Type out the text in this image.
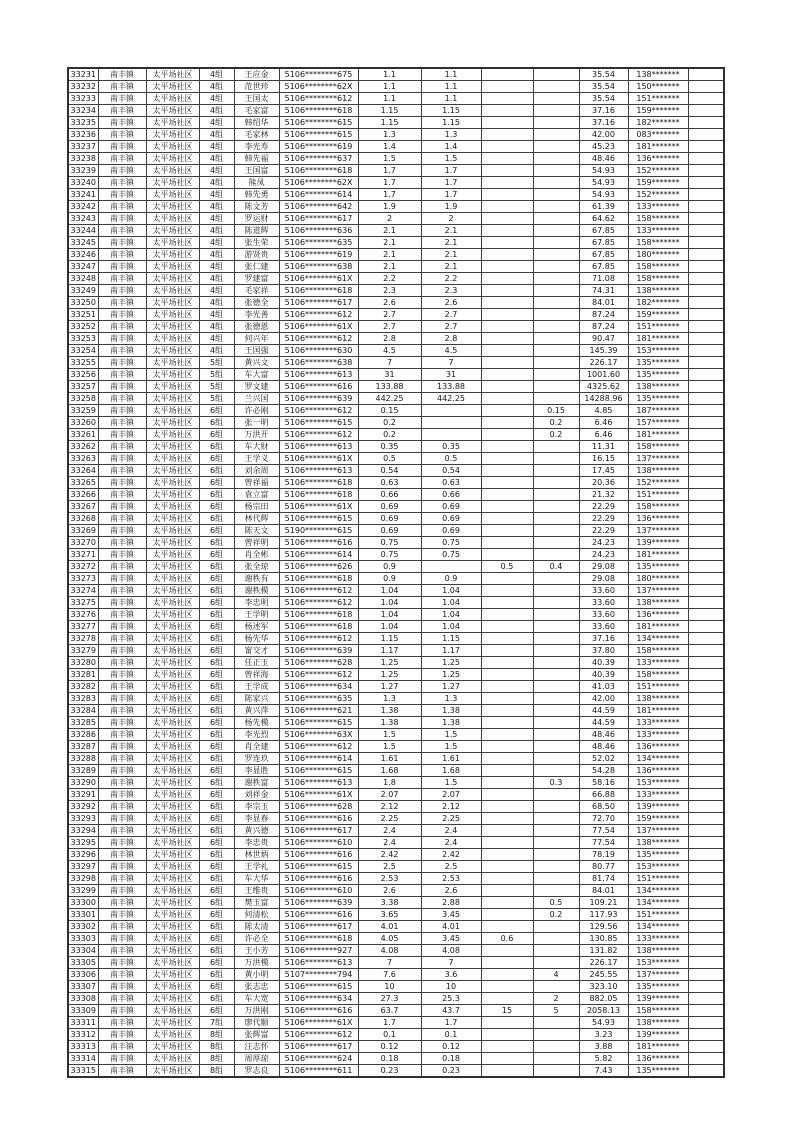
33231	南丰镇	太平场社区	4组	王应金	5106********675	1.1	1.1			35.54	138*******	
33232	南丰镇	太平场社区	4组	范世珍	5106********62X	1.1	1.1			35.54	150*******	
33233	南丰镇	太平场社区	4组	王国太	5106********612	1.1	1.1			35.54	151*******	
33234	南丰镇	太平场社区	4组	毛家富	5106********618	1.15	1.15			37.16	159*******	
33235	南丰镇	太平场社区	4组	韩绍华	5106********615	1.15	1.15			37.16	182*******	
33236	南丰镇	太平场社区	4组	毛家林	5106********615	1.3	1.3			42.00	083*******	
33237	南丰镇	太平场社区	4组	李光寿	5106********619	1.4	1.4			45.23	181*******	
33238	南丰镇	太平场社区	4组	韩先福	5106********637	1.5	1.5			48.46	136*******	
33239	南丰镇	太平场社区	4组	王国富	5106********618	1.7	1.7			54.93	152*******	
33240	南丰镇	太平场社区	4组	熊凤	5106********62X	1.7	1.7			54.93	159*******	
33241	南丰镇	太平场社区	4组	韩先勇	5106********614	1.7	1.7			54.93	152*******	
33242	南丰镇	太平场社区	4组	陈文芳	5106********642	1.9	1.9			61.39	133*******	
33243	南丰镇	太平场社区	4组	罗运财	5106********617	2	2			64.62	158*******	
33244	南丰镇	太平场社区	4组	陈道辉	5106********636	2.1	2.1			67.85	133*******	
33245	南丰镇	太平场社区	4组	张生荣	5106********635	2.1	2.1			67.85	158*******	
33246	南丰镇	太平场社区	4组	游贤贵	5106********619	2.1	2.1			67.85	180*******	
33247	南丰镇	太平场社区	4组	张仁建	5106********638	2.1	2.1			67.85	158*******	
33248	南丰镇	太平场社区	4组	罗建富	5106********61X	2.2	2.2			71.08	158*******	
33249	南丰镇	太平场社区	4组	毛家祥	5106********618	2.3	2.3			74.31	138*******	
33250	南丰镇	太平场社区	4组	张德全	5106********617	2.6	2.6			84.01	182*******	
33251	南丰镇	太平场社区	4组	李光善	5106********612	2.7	2.7			87.24	159*******	
33252	南丰镇	太平场社区	4组	张德恩	5106********61X	2.7	2.7			87.24	151*******	
33253	南丰镇	太平场社区	4组	何兴年	5106********612	2.8	2.8			90.47	181*******	
33254	南丰镇	太平场社区	4组	王国强	5106********630	4.5	4.5			145.39	153*******	
33255	南丰镇	太平场社区	5组	黄兴文	5106********638	7	7			226.17	135*******	
33256	南丰镇	太平场社区	5组	车大富	5106********613	31	31			1001.60	135*******	
33257	南丰镇	太平场社区	5组	罗文建	5106********616	133.88	133.88			4325.62	138*******	
33258	南丰镇	太平场社区	5组	兰兴国	5106********639	442.25	442.25			14288.96	135*******	
33259	南丰镇	太平场社区	6组	许必刚	5106********612	0.15			0.15	4.85	187*******	
33260	南丰镇	太平场社区	6组	张一明	5106********615	0.2			0.2	6.46	157*******	
33261	南丰镇	太平场社区	6组	万洪开	5106********612	0.2			0.2	6.46	181*******	
33262	南丰镇	太平场社区	6组	车大财	5106********613	0.35	0.35			11.31	158*******	
33263	南丰镇	太平场社区	6组	王学义	5106********61X	0.5	0.5			16.15	137*******	
33264	南丰镇	太平场社区	6组	刘余周	5106********613	0.54	0.54			17.45	138*******	
33265	南丰镇	太平场社区	6组	曾祥福	5106********618	0.63	0.63			20.36	152*******	
33266	南丰镇	太平场社区	6组	袁立富	5106********618	0.66	0.66			21.32	151*******	
33267	南丰镇	太平场社区	6组	杨宗田	5106********61X	0.69	0.69			22.29	158*******	
33268	南丰镇	太平场社区	6组	林代辉	5106********615	0.69	0.69			22.29	136*******	
33269	南丰镇	太平场社区	6组	陈天文	5190********615	0.69	0.69			22.29	137*******	
33270	南丰镇	太平场社区	6组	曾祥明	5106********616	0.75	0.75			24.23	139*******	
33271	南丰镇	太平场社区	6组	肖全彬	5106********614	0.75	0.75			24.23	181*******	
33272	南丰镇	太平场社区	6组	张全琼	5106********626	0.9		0.5	0.4	29.08	135*******	
33273	南丰镇	太平场社区	6组	谢秩有	5106********618	0.9	0.9			29.08	180*******	
33274	南丰镇	太平场社区	6组	谢秩模	5106********612	1.04	1.04			33.60	137*******	
33275	南丰镇	太平场社区	6组	李忠明	5106********612	1.04	1.04			33.60	138*******	
33276	南丰镇	太平场社区	6组	王学明	5106********618	1.04	1.04			33.60	136*******	
33277	南丰镇	太平场社区	6组	杨述军	5106********618	1.04	1.04			33.60	181*******	
33278	南丰镇	太平场社区	6组	杨先华	5106********612	1.15	1.15			37.16	134*******	
33279	南丰镇	太平场社区	6组	甯交才	5106********639	1.17	1.17			37.80	158*******	
33280	南丰镇	太平场社区	6组	任正玉	5106********628	1.25	1.25			40.39	133*******	
33281	南丰镇	太平场社区	6组	曾祥海	5106********612	1.25	1.25			40.39	158*******	
33282	南丰镇	太平场社区	6组	王学成	5106********634	1.27	1.27			41.03	151*******	
33283	南丰镇	太平场社区	6组	陈家兴	5106********635	1.3	1.3			42.00	138*******	
33284	南丰镇	太平场社区	6组	黄兴萍	5106********621	1.38	1.38			44.59	181*******	
33285	南丰镇	太平场社区	6组	杨先模	5106********615	1.38	1.38			44.59	133*******	
33286	南丰镇	太平场社区	6组	李光烈	5106********63X	1.5	1.5			48.46	133*******	
33287	南丰镇	太平场社区	6组	肖全建	5106********612	1.5	1.5			48.46	136*******	
33288	南丰镇	太平场社区	6组	罗连玖	5106********614	1.61	1.61			52.02	134*******	
33289	南丰镇	太平场社区	6组	李显胜	5106********615	1.68	1.68			54.28	136*******	
33290	南丰镇	太平场社区	6组	谢秩富	5106********613	1.8	1.5		0.3	58.16	153*******	
33291	南丰镇	太平场社区	6组	刘祥金	5106********61X	2.07	2.07			66.88	133*******	
33292	南丰镇	太平场社区	6组	李宗玉	5106********628	2.12	2.12			68.50	139*******	
33293	南丰镇	太平场社区	6组	李显春	5106********616	2.25	2.25			72.70	159*******	
33294	南丰镇	太平场社区	6组	黄兴德	5106********617	2.4	2.4			77.54	137*******	
33295	南丰镇	太平场社区	6组	李忠贵	5106********610	2.4	2.4			77.54	138*******	
33296	南丰镇	太平场社区	6组	林世炳	5106********616	2.42	2.42			78.19	135*******	
33297	南丰镇	太平场社区	6组	王学礼	5106********615	2.5	2.5			80.77	153*******	
33298	南丰镇	太平场社区	6组	车大华	5106********616	2.53	2.53			81.74	151*******	
33299	南丰镇	太平场社区	6组	王维贵	5106********610	2.6	2.6			84.01	134*******	
33300	南丰镇	太平场社区	6组	樊玉富	5106********639	3.38	2.88		0.5	109.21	134*******	
33301	南丰镇	太平场社区	6组	何清松	5106********616	3.65	3.45		0.2	117.93	151*******	
33302	南丰镇	太平场社区	6组	陈太清	5106********617	4.01	4.01			129.56	134*******	
33303	南丰镇	太平场社区	6组	许必全	5106********618	4.05	3.45	0.6		130.85	133*******	
33304	南丰镇	太平场社区	6组	王小芳	5106********927	4.08	4.08			131.82	138*******	
33305	南丰镇	太平场社区	6组	万洪模	5106********613	7	7			226.17	153*******	
33306	南丰镇	太平场社区	6组	黄小明	5107********794	7.6	3.6		4	245.55	137*******	
33307	南丰镇	太平场社区	6组	张志忠	5106********615	10	10			323.10	135*******	
33308	南丰镇	太平场社区	6组	车大宽	5106********634	27.3	25.3		2	882.05	139*******	
33309	南丰镇	太平场社区	6组	万洪刚	5106********616	63.7	43.7	15	5	2058.13	158*******	
33311	南丰镇	太平场社区	7组	廖代顺	5106********61X	1.7	1.7			54.93	138*******	
33312	南丰镇	太平场社区	8组	张辉富	5106********612	0.1	0.1			3.23	139*******	
33313	南丰镇	太平场社区	8组	汪志怀	5106********617	0.12	0.12			3.88	181*******	
33314	南丰镇	太平场社区	8组	周厚琼	5106********624	0.18	0.18			5.82	136*******	
33315	南丰镇	太平场社区	8组	罗志良	5106********611	0.23	0.23			7.43	135*******	
